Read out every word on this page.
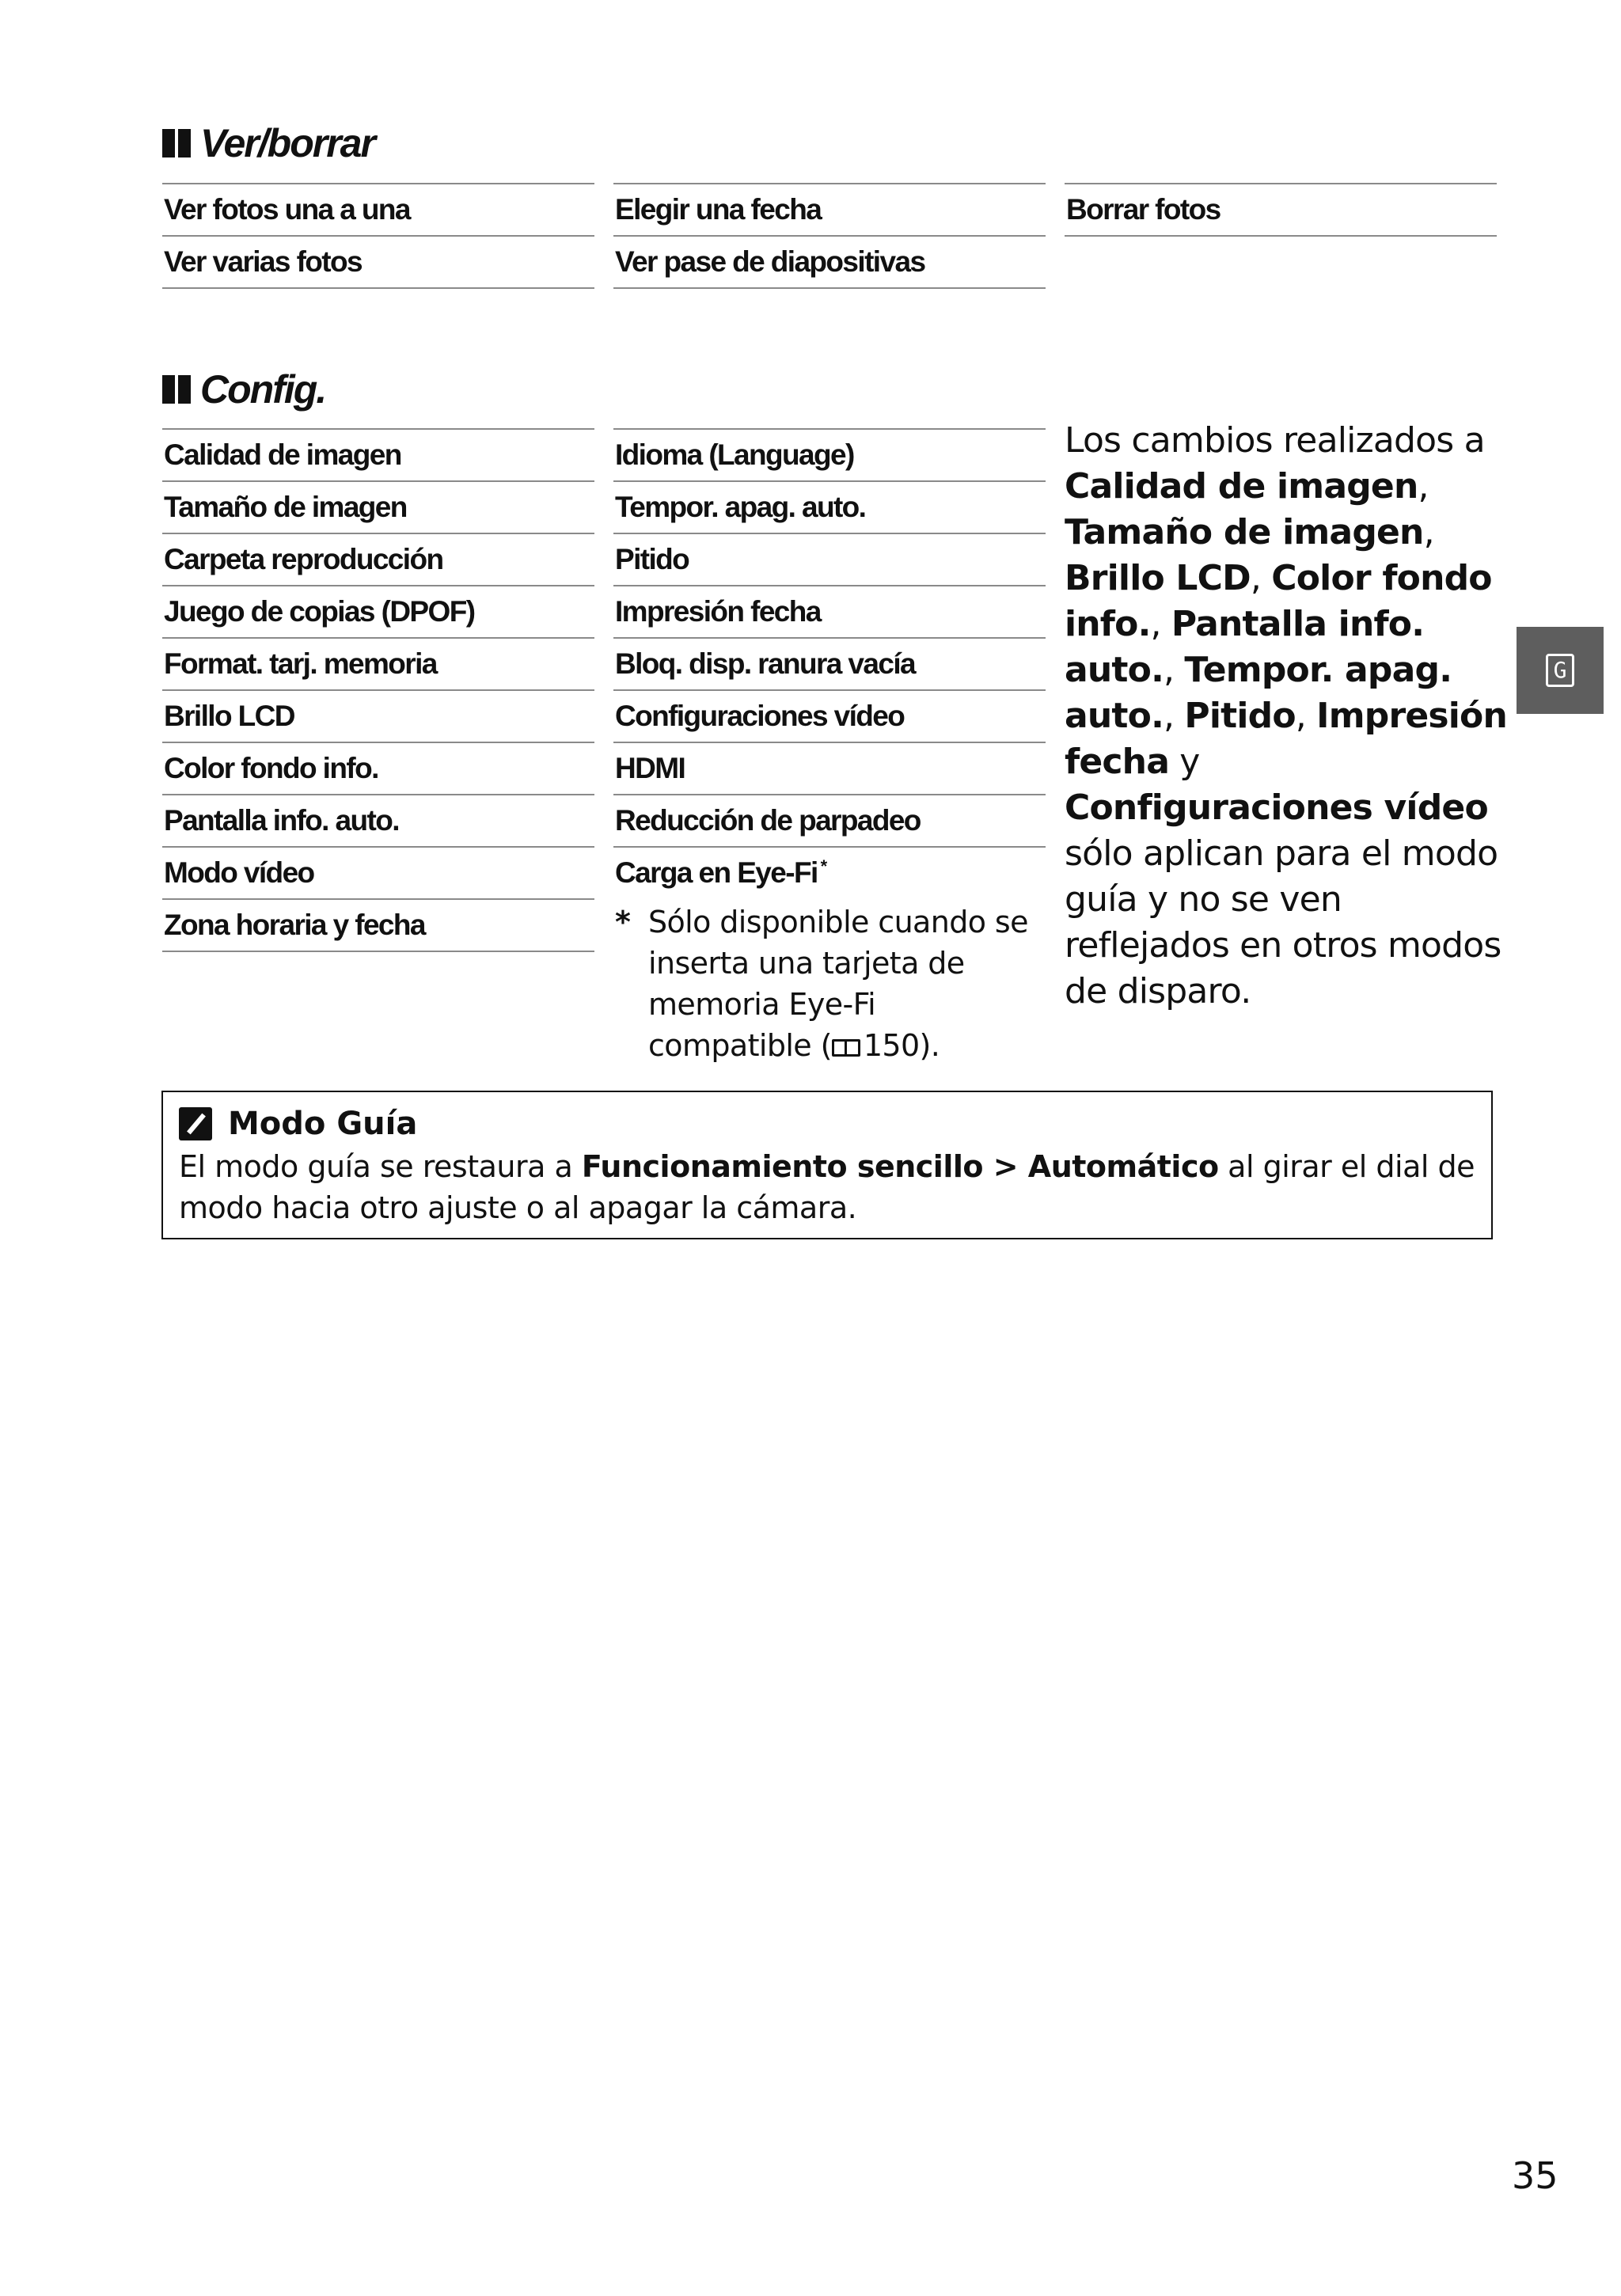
Ver/borrar
Ver fotos una a una
Ver varias fotos
Elegir una fecha
Ver pase de diapositivas
Borrar fotos
Config.
Calidad de imagen
Tamaño de imagen
Carpeta reproducción
Juego de copias (DPOF)
Format. tarj. memoria
Brillo LCD
Color fondo info.
Pantalla info. auto.
Modo vídeo
Zona horaria y fecha
Idioma (Language)
Tempor. apag. auto.
Pitido
Impresión fecha
Bloq. disp. ranura vacía
Configuraciones vídeo
HDMI
Reducción de parpadeo
Carga en Eye-Fi *
* Sólo disponible cuando se inserta una tarjeta de memoria Eye-Fi compatible ( 150).
Los cambios realizados a Calidad de imagen, Tamaño de imagen, Brillo LCD, Color fondo info., Pantalla info. auto., Tempor. apag. auto., Pitido, Impresión fecha y Configuraciones vídeo sólo aplican para el modo guía y no se ven reflejados en otros modos de disparo.
G
Modo Guía
El modo guía se restaura a Funcionamiento sencillo > Automático al girar el dial de modo hacia otro ajuste o al apagar la cámara.
35
